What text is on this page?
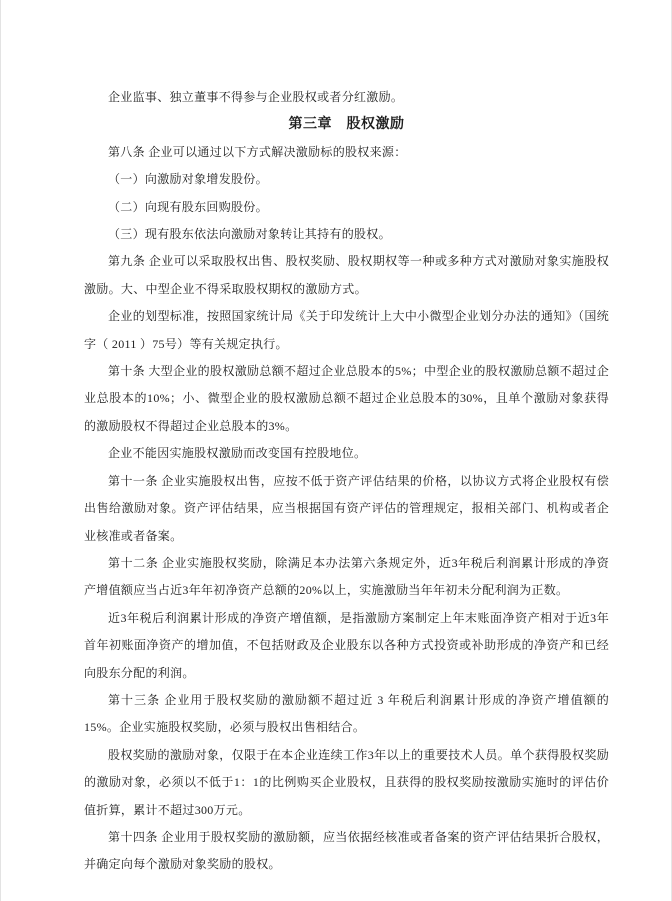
企业监事、独立董事不得参与企业股权或者分红激励。

第三章　股权激励

第八条 企业可以通过以下方式解决激励标的股权来源：

（一）向激励对象增发股份。

（二）向现有股东回购股份。

（三）现有股东依法向激励对象转让其持有的股权。

第九条 企业可以采取股权出售、股权奖励、股权期权等一种或多种方式对激励对象实施股权激励。大、中型企业不得采取股权期权的激励方式。

企业的划型标准，按照国家统计局《关于印发统计上大中小微型企业划分办法的通知》（国统字（ 2011 ）75号）等有关规定执行。

第十条 大型企业的股权激励总额不超过企业总股本的5%；中型企业的股权激励总额不超过企业总股本的10%；小、微型企业的股权激励总额不超过企业总股本的30%，且单个激励对象获得的激励股权不得超过企业总股本的3%。

企业不能因实施股权激励而改变国有控股地位。

第十一条 企业实施股权出售，应按不低于资产评估结果的价格，以协议方式将企业股权有偿出售给激励对象。资产评估结果，应当根据国有资产评估的管理规定，报相关部门、机构或者企业核准或者备案。

第十二条 企业实施股权奖励，除满足本办法第六条规定外，近3年税后利润累计形成的净资产增值额应当占近3年年初净资产总额的20%以上，实施激励当年年初未分配利润为正数。

近3年税后利润累计形成的净资产增值额，是指激励方案制定上年末账面净资产相对于近3年首年初账面净资产的增加值，不包括财政及企业股东以各种方式投资或补助形成的净资产和已经向股东分配的利润。

第十三条 企业用于股权奖励的激励额不超过近 3 年税后利润累计形成的净资产增值额的15%。企业实施股权奖励，必须与股权出售相结合。

股权奖励的激励对象，仅限于在本企业连续工作3年以上的重要技术人员。单个获得股权奖励的激励对象，必须以不低于1：1的比例购买企业股权，且获得的股权奖励按激励实施时的评估价值折算，累计不超过300万元。

第十四条 企业用于股权奖励的激励额，应当依据经核准或者备案的资产评估结果折合股权，并确定向每个激励对象奖励的股权。
